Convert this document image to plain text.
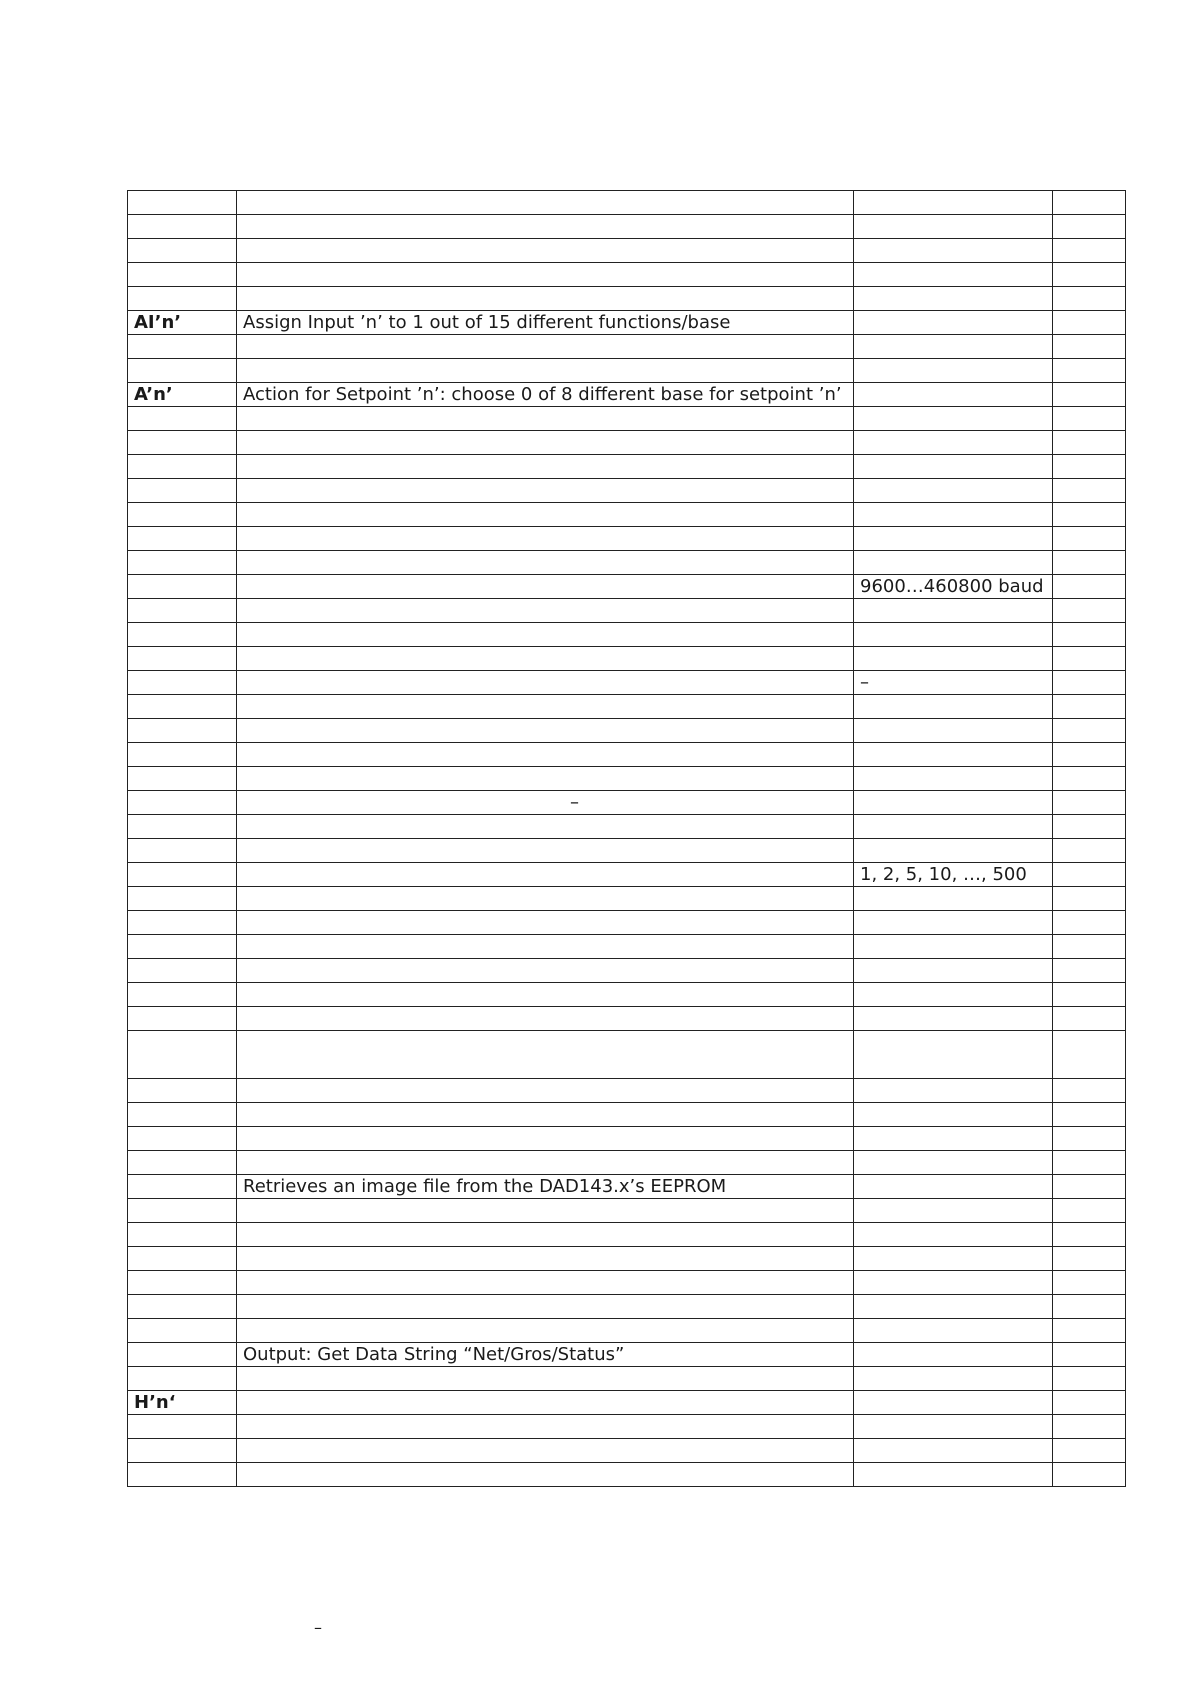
AI’n’	Assign Input ’n’ to 1 out of 15 different functions/base		

A’n’	Action for Setpoint ’n’: choose 0 of 8 different base for setpoint ’n’		

		9600…460800 baud	

		–	

	–		

		1, 2, 5, 10, …, 500	

	Retrieves an image file from the DAD143.x’s EEPROM		

	Output: Get Data String “Net/Gros/Status”		

H’n‘			

–
